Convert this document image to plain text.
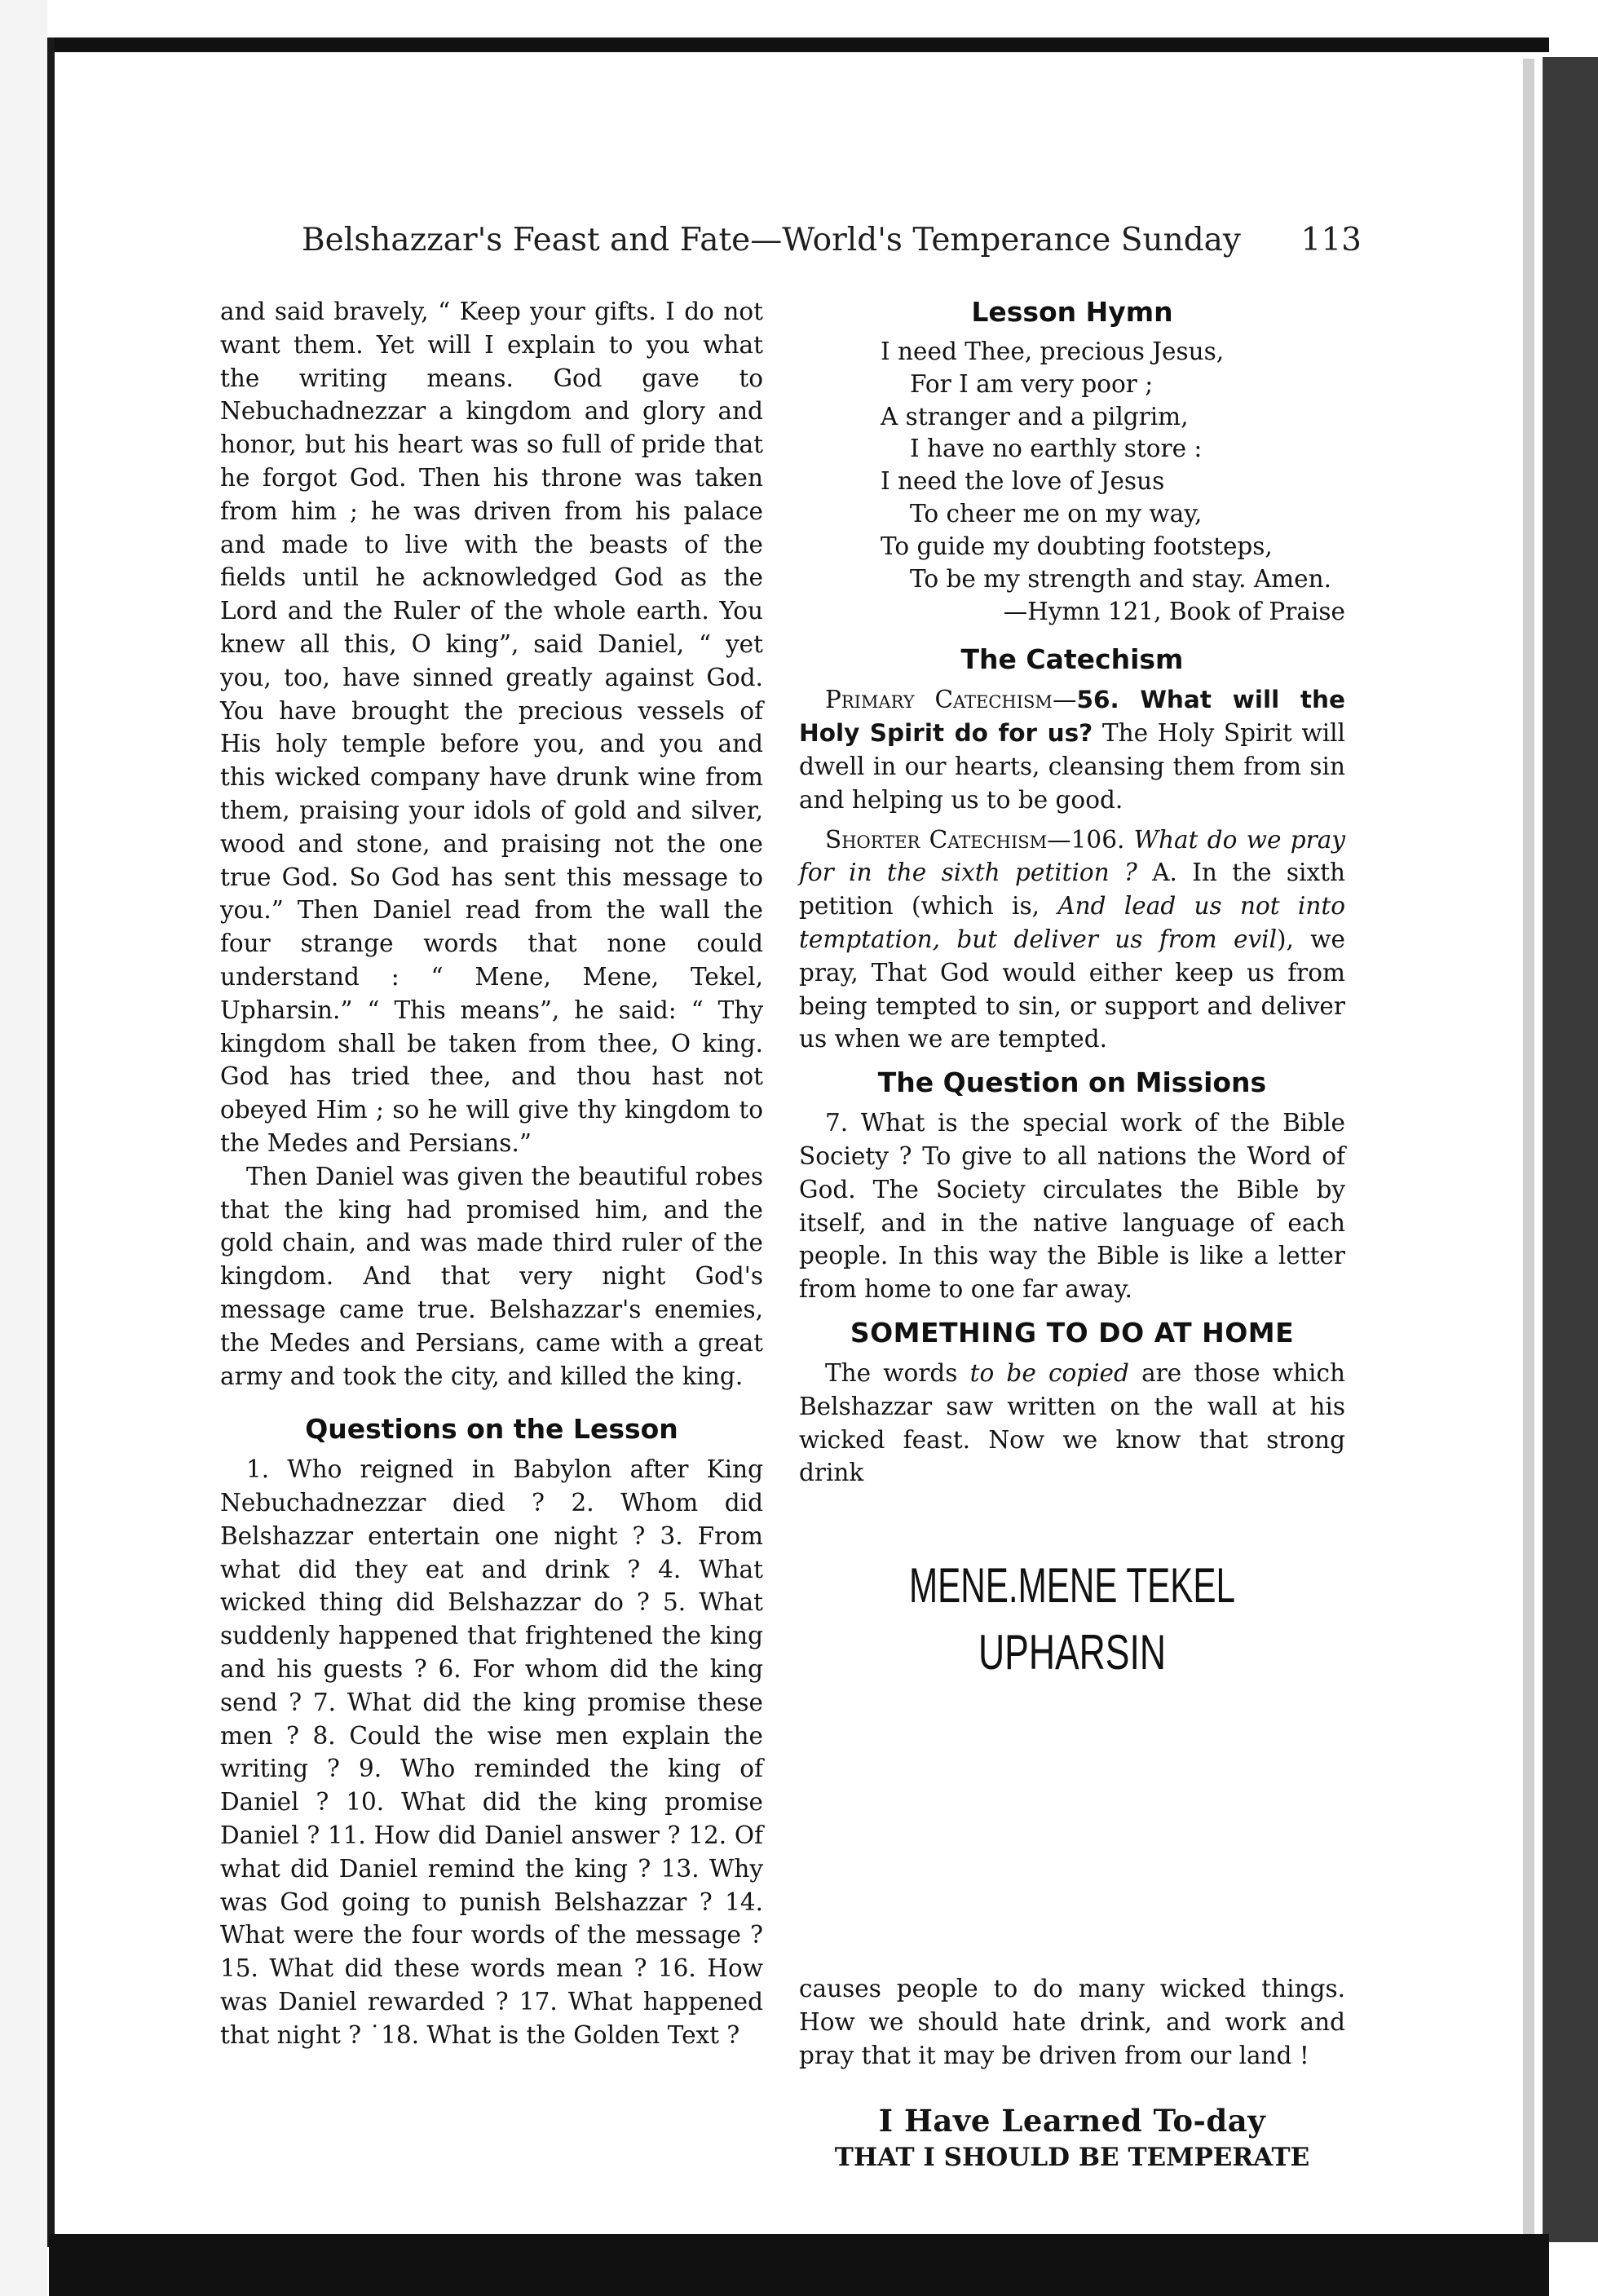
Belshazzar's Feast and Fate—World's Temperance Sunday 113

and said bravely, “ Keep your gifts. I do not want them. Yet will I explain to you what the writing means. God gave to Nebuchadnezzar a kingdom and glory and honor, but his heart was so full of pride that he forgot God. Then his throne was taken from him ; he was driven from his palace and made to live with the beasts of the fields until he acknowledged God as the Lord and the Ruler of the whole earth. You knew all this, O king”, said Daniel, “ yet you, too, have sinned greatly against God. You have brought the precious vessels of His holy temple before you, and you and this wicked company have drunk wine from them, praising your idols of gold and silver, wood and stone, and praising not the one true God. So God has sent this message to you.” Then Daniel read from the wall the four strange words that none could understand : “ Mene, Mene, Tekel, Upharsin.” “ This means”, he said: “ Thy kingdom shall be taken from thee, O king. God has tried thee, and thou hast not obeyed Him ; so he will give thy kingdom to the Medes and Persians.”

Then Daniel was given the beautiful robes that the king had promised him, and the gold chain, and was made third ruler of the kingdom. And that very night God's message came true. Belshazzar's enemies, the Medes and Persians, came with a great army and took the city, and killed the king.

Questions on the Lesson

1. Who reigned in Babylon after King Nebuchadnezzar died ? 2. Whom did Belshazzar entertain one night ? 3. From what did they eat and drink ? 4. What wicked thing did Belshazzar do ? 5. What suddenly happened that frightened the king and his guests ? 6. For whom did the king send ? 7. What did the king promise these men ? 8. Could the wise men explain the writing ? 9. Who reminded the king of Daniel ? 10. What did the king promise Daniel ? 11. How did Daniel answer ? 12. Of what did Daniel remind the king ? 13. Why was God going to punish Belshazzar ? 14. What were the four words of the message ? 15. What did these words mean ? 16. How was Daniel rewarded ? 17. What happened that night ? ˙18. What is the Golden Text ?

Lesson Hymn
I need Thee, precious Jesus,
For I am very poor ;
A stranger and a pilgrim,
I have no earthly store :
I need the love of Jesus
To cheer me on my way,
To guide my doubting footsteps,
To be my strength and stay. Amen.
—Hymn 121, Book of Praise
The Catechism

Primary Catechism—56. What will the Holy Spirit do for us? The Holy Spirit will dwell in our hearts, cleansing them from sin and helping us to be good.

Shorter Catechism—106. What do we pray for in the sixth petition ? A. In the sixth petition (which is, And lead us not into temptation, but deliver us from evil), we pray, That God would either keep us from being tempted to sin, or support and deliver us when we are tempted.

The Question on Missions

7. What is the special work of the Bible Society ? To give to all nations the Word of God. The Society circulates the Bible by itself, and in the native language of each people. In this way the Bible is like a letter from home to one far away.

SOMETHING TO DO AT HOME

The words to be copied are those which Belshazzar saw written on the wall at his wicked feast. Now we know that strong drink

MENE.MENE TEKEL
UPHARSIN

causes people to do many wicked things. How we should hate drink, and work and pray that it may be driven from our land !

I Have Learned To-day
THAT I SHOULD BE TEMPERATE
